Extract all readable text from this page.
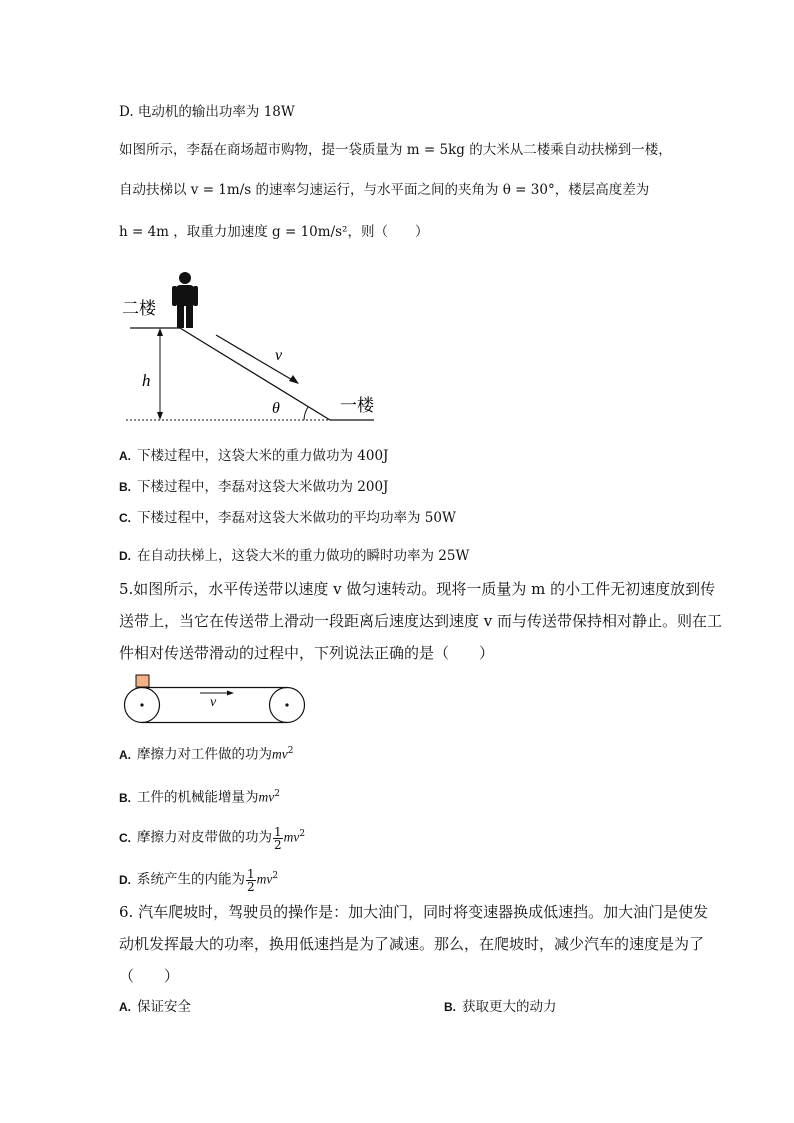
D. 电动机的输出功率为 18W
如图所示，李磊在商场超市购物，提一袋质量为 m = 5kg 的大米从二楼乘自动扶梯到一楼，
自动扶梯以 v = 1m/s 的速率匀速运行，与水平面之间的夹角为 θ = 30°，楼层高度差为
h = 4m ，取重力加速度 g = 10m/s²，则（　　）
二楼
一楼
h
v
θ
A. 下楼过程中，这袋大米的重力做功为 400J
B. 下楼过程中，李磊对这袋大米做功为 200J
C. 下楼过程中，李磊对这袋大米做功的平均功率为 50W
D. 在自动扶梯上，这袋大米的重力做功的瞬时功率为 25W
5.如图所示，水平传送带以速度 v 做匀速转动。现将一质量为 m 的小工件无初速度放到传
送带上，当它在传送带上滑动一段距离后速度达到速度 v 而与传送带保持相对静止。则在工
件相对传送带滑动的过程中，下列说法正确的是（　　）
v
A. 摩擦力对工件做的功为$mv^2$
B. 工件的机械能增量为$mv^2$
C. 摩擦力对皮带做的功为 $\frac{1}{2} mv^2$
D. 系统产生的内能为 $\frac{1}{2} mv^2$
6. 汽车爬坡时，驾驶员的操作是：加大油门，同时将变速器换成低速挡。加大油门是使发
动机发挥最大的功率，换用低速挡是为了减速。那么，在爬坡时，减少汽车的速度是为了
（　　）
A. 保证安全	B. 获取更大的动力
